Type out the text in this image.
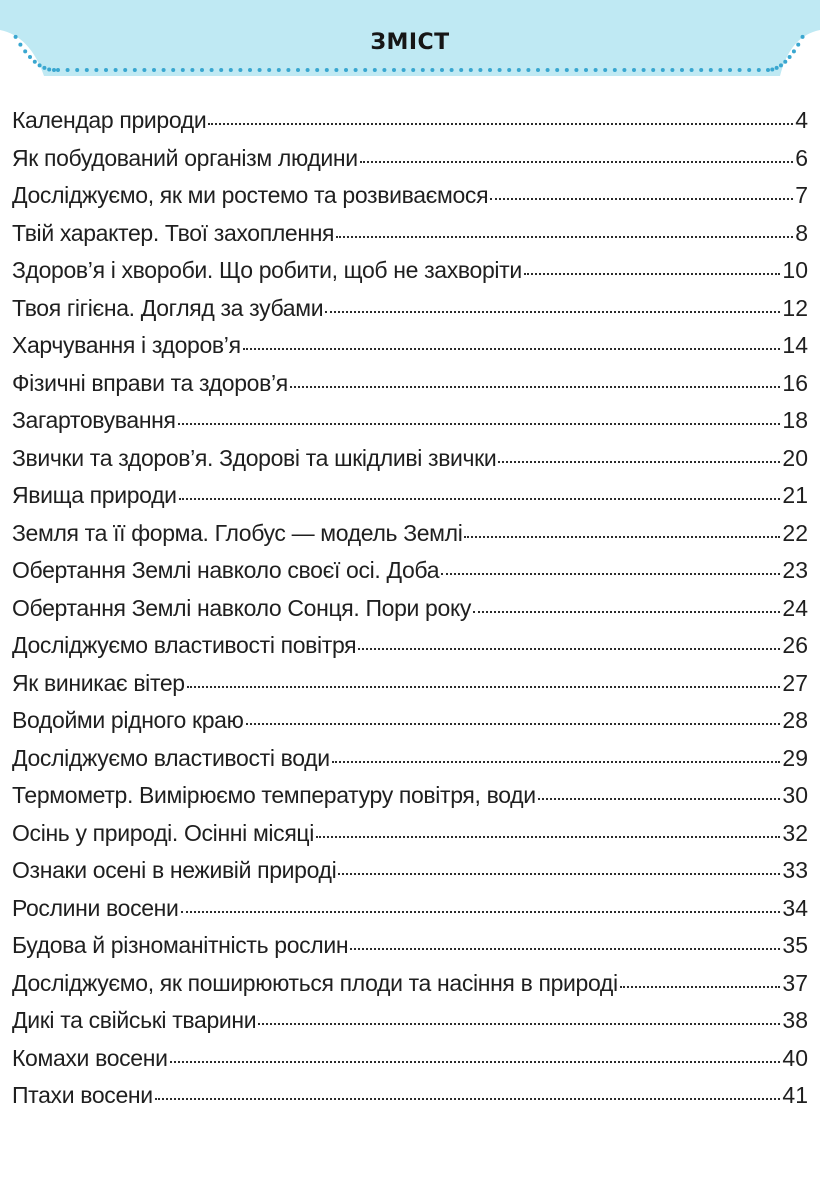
ЗМІСТ
Календар природи	4
Як побудований організм людини	6
Досліджуємо, як ми ростемо та розвиваємося	7
Твій характер. Твої захоплення	8
Здоров’я і хвороби. Що робити, щоб не захворіти	10
Твоя гігієна. Догляд за зубами	12
Харчування і здоров’я	14
Фізичні вправи та здоров’я	16
Загартовування	18
Звички та здоров’я. Здорові та шкідливі звички	20
Явища природи	21
Земля та її форма. Глобус — модель Землі	22
Обертання Землі навколо своєї осі. Доба	23
Обертання Землі навколо Сонця. Пори року	24
Досліджуємо властивості повітря	26
Як виникає вітер	27
Водойми рідного краю	28
Досліджуємо властивості води	29
Термометр. Вимірюємо температуру повітря, води	30
Осінь у природі. Осінні місяці	32
Ознаки осені в неживій природі	33
Рослини восени	34
Будова й різноманітність рослин	35
Досліджуємо, як поширюються плоди та насіння в природі	37
Дикі та свійські тварини	38
Комахи восени	40
Птахи восени	41
